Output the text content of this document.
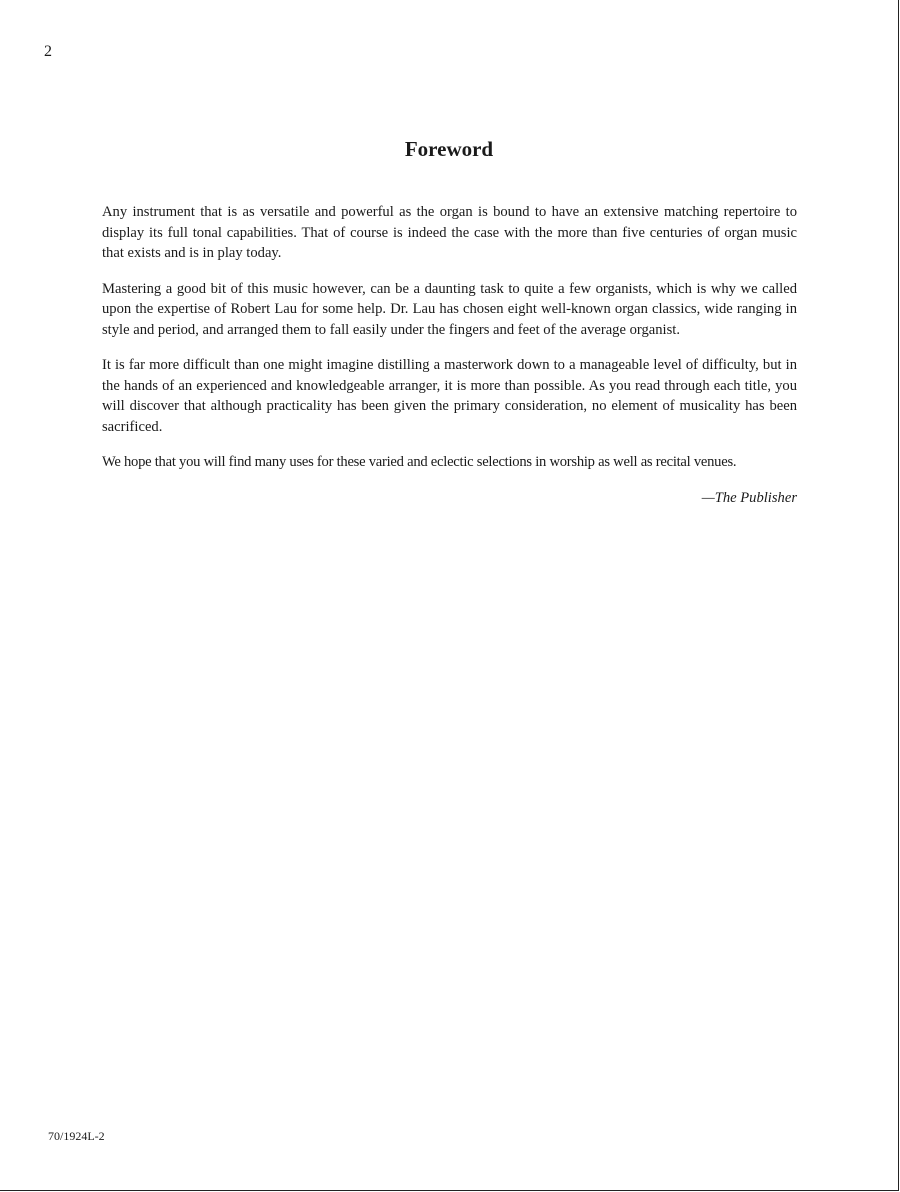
2
Foreword

Any instrument that is as versatile and powerful as the organ is bound to have an extensive matching repertoire to display its full tonal capabilities. That of course is indeed the case with the more than five centuries of organ music that exists and is in play today.

Mastering a good bit of this music however, can be a daunting task to quite a few organists, which is why we called upon the expertise of Robert Lau for some help. Dr. Lau has chosen eight well-known organ classics, wide ranging in style and period, and arranged them to fall easily under the fingers and feet of the average organist.

It is far more difficult than one might imagine distilling a masterwork down to a manageable level of difficulty, but in the hands of an experienced and knowledgeable arranger, it is more than possible. As you read through each title, you will discover that although practicality has been given the primary consideration, no element of musicality has been sacrificed.

We hope that you will find many uses for these varied and eclectic selections in worship as well as recital venues.

—The Publisher
70/1924L-2
